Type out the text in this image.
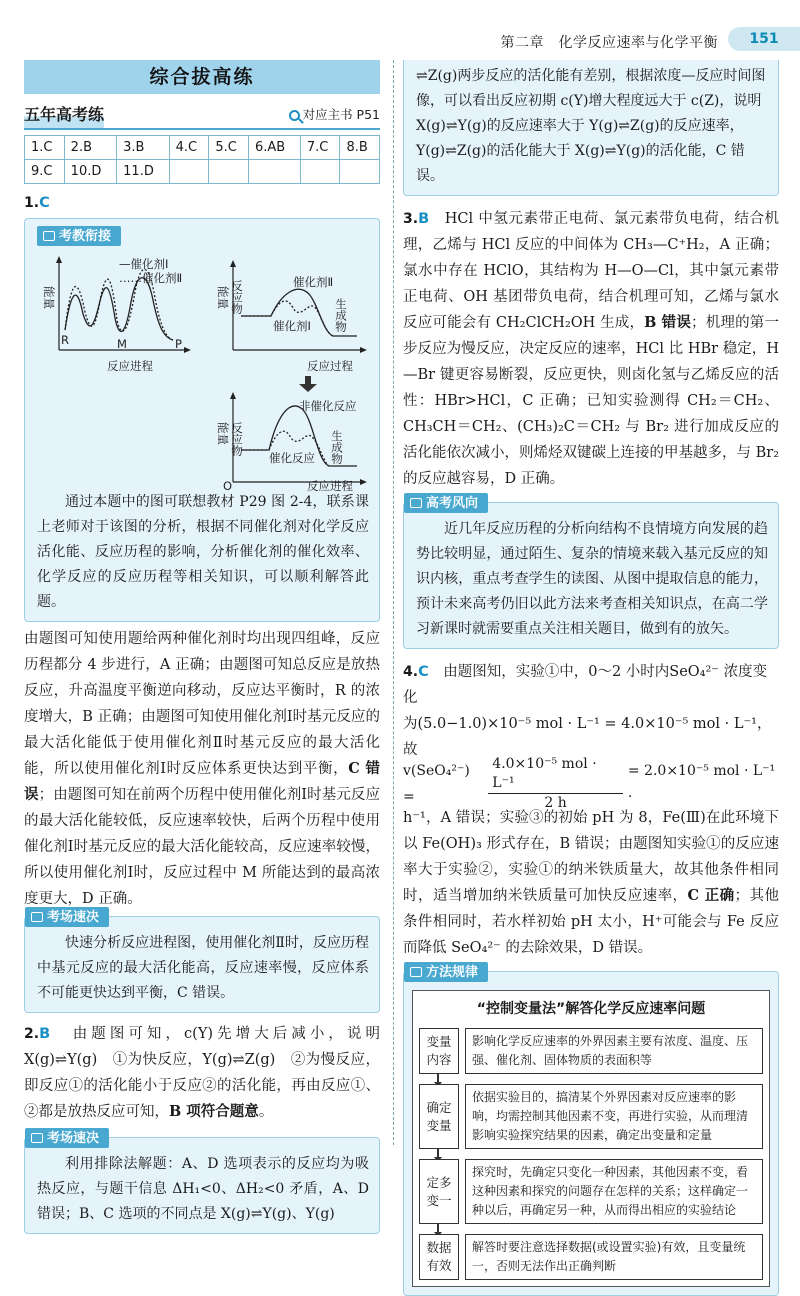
第二章　化学反应速率与化学平衡	151
综合拔高练
五年高考练	对应主书 P51
1.C	2.B	3.B	4.C	5.C	6.AB	7.C	8.B
9.C	10.D	11.D					
1.C
考教衔接
能量
—催化剂Ⅰ
……催化剂Ⅱ
R	M	P
反应进程
能量 反应物	催化剂Ⅱ
催化剂Ⅰ 生成物
反应过程
能量
非催化反应
反应物
催化反应 生成物
O	反应进程
通过本题中的图可联想教材 P29 图 2-4，联系课上老师对于该图的分析，根据不同催化剂对化学反应活化能、反应历程的影响，分析催化剂的催化效率、化学反应的反应历程等相关知识，可以顺利解答此题。
由题图可知使用题给两种催化剂时均出现四组峰，反应历程都分 4 步进行，A 正确；由题图可知总反应是放热反应，升高温度平衡逆向移动，反应达平衡时，R 的浓度增大，B 正确；由题图可知使用催化剂Ⅰ时基元反应的最大活化能低于使用催化剂Ⅱ时基元反应的最大活化能，所以使用催化剂Ⅰ时反应体系更快达到平衡，C 错误；由题图可知在前两个历程中使用催化剂Ⅰ时基元反应的最大活化能较低，反应速率较快，后两个历程中使用催化剂Ⅰ时基元反应的最大活化能较高，反应速率较慢，所以使用催化剂Ⅰ时，反应过程中 M 所能达到的最高浓度更大，D 正确。
考场速决
快速分析反应进程图，使用催化剂Ⅱ时，反应历程中基元反应的最大活化能高，反应速率慢，反应体系不可能更快达到平衡，C 错误。
2.B　 由题图可知，c(Y)先增大后减小，说明 X(g)⇌Y(g)　①为快反应，Y(g)⇌Z(g)　②为慢反应，即反应①的活化能小于反应②的活化能，再由反应①、②都是放热反应可知，B 项符合题意。
考场速决
利用排除法解题：A、D 选项表示的反应均为吸热反应，与题干信息 ΔH₁<0、ΔH₂<0 矛盾，A、D 错误；B、C 选项的不同点是 X(g)⇌Y(g)、Y(g)
⇌Z(g)两步反应的活化能有差别，根据浓度—反应时间图像，可以看出反应初期 c(Y)增大程度远大于 c(Z)，说明 X(g)⇌Y(g)的反应速率大于 Y(g)⇌Z(g)的反应速率，Y(g)⇌Z(g)的活化能大于 X(g)⇌Y(g)的活化能，C 错误。
3.B　 HCl 中氢元素带正电荷、氯元素带负电荷，结合机理，乙烯与 HCl 反应的中间体为 CH₃—C⁺H₂，A 正确；氯水中存在 HClO，其结构为 H—O—Cl，其中氯元素带正电荷、OH 基团带负电荷，结合机理可知，乙烯与氯水反应可能会有 CH₂ClCH₂OH 生成，B 错误；机理的第一步反应为慢反应，决定反应的速率，HCl 比 HBr 稳定，H—Br 键更容易断裂，反应更快，则卤化氢与乙烯反应的活性：HBr>HCl，C 正确；已知实验测得 CH₂＝CH₂、CH₃CH＝CH₂、(CH₃)₂C＝CH₂ 与 Br₂ 进行加成反应的活化能依次减小，则烯烃双键碳上连接的甲基越多，与 Br₂ 的反应越容易，D 正确。
高考风向
近几年反应历程的分析向结构不良情境方向发展的趋势比较明显，通过陌生、复杂的情境来载入基元反应的知识内核，重点考查学生的读图、从图中提取信息的能力，预计未来高考仍旧以此方法来考查相关知识点，在高二学习新课时就需要重点关注相关题目，做到有的放矢。
4.C　 由题图知，实验①中，0～2 小时内SeO₄²⁻ 浓度变化
为(5.0−1.0)×10⁻⁵ mol · L⁻¹ = 4.0×10⁻⁵ mol · L⁻¹，故
v(SeO₄²⁻) =
4.0×10⁻⁵ mol · L⁻¹
2 h
= 2.0×10⁻⁵ mol · L⁻¹ ·
h⁻¹，A 错误；实验③的初始 pH 为 8，Fe(Ⅲ)在此环境下以 Fe(OH)₃ 形式存在，B 错误；由题图知实验①的反应速率大于实验②，实验①的纳米铁质量大，故其他条件相同时，适当增加纳米铁质量可加快反应速率，C 正确；其他条件相同时，若水样初始 pH 太小，H⁺可能会与 Fe 反应而降低 SeO₄²⁻ 的去除效果，D 错误。
方法规律
“控制变量法”解答化学反应速率问题
变量内容
影响化学反应速率的外界因素主要有浓度、温度、压强、催化剂、固体物质的表面积等
确定变量
依据实验目的，搞清某个外界因素对反应速率的影响，均需控制其他因素不变，再进行实验，从而理清影响实验探究结果的因素，确定出变量和定量
定多变一
探究时，先确定只变化一种因素，其他因素不变，看这种因素和探究的问题存在怎样的关系；这样确定一种以后，再确定另一种，从而得出相应的实验结论
数据有效
解答时要注意选择数据(或设置实验)有效，且变量统一，否则无法作出正确判断
